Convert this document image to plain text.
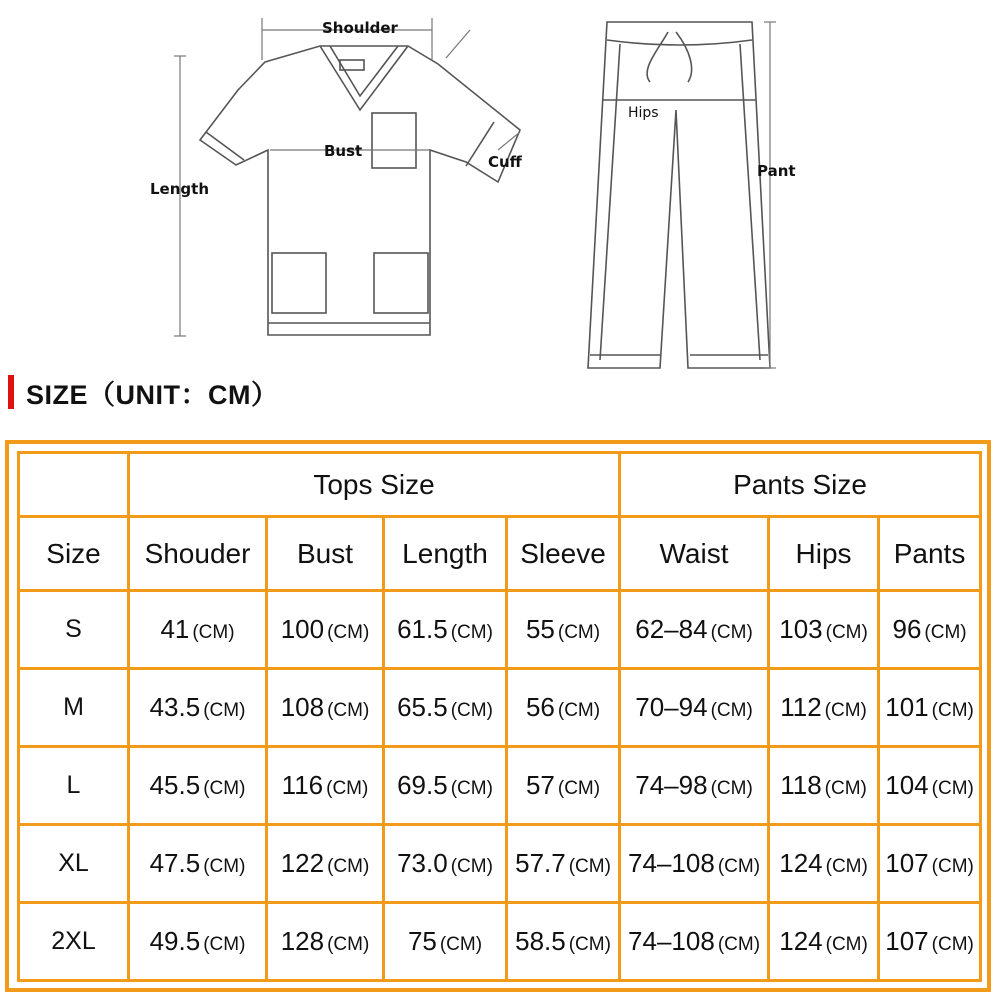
Shoulder
Bust
Length
Cuff
Hips
Pant
SIZE（UNIT：CM）
	Tops Size				Pants Size		
Size	Shouder	Bust	Length	Sleeve	Waist	Hips	Pants
S	41 (CM)	100 (CM)	61.5 (CM)	55 (CM)	62–84 (CM)	103 (CM)	96 (CM)
M	43.5 (CM)	108 (CM)	65.5 (CM)	56 (CM)	70–94 (CM)	112 (CM)	101 (CM)
L	45.5 (CM)	116 (CM)	69.5 (CM)	57 (CM)	74–98 (CM)	118 (CM)	104 (CM)
XL	47.5 (CM)	122 (CM)	73.0 (CM)	57.7 (CM)	74–108 (CM)	124 (CM)	107 (CM)
2XL	49.5 (CM)	128 (CM)	75 (CM)	58.5 (CM)	74–108 (CM)	124 (CM)	107 (CM)
